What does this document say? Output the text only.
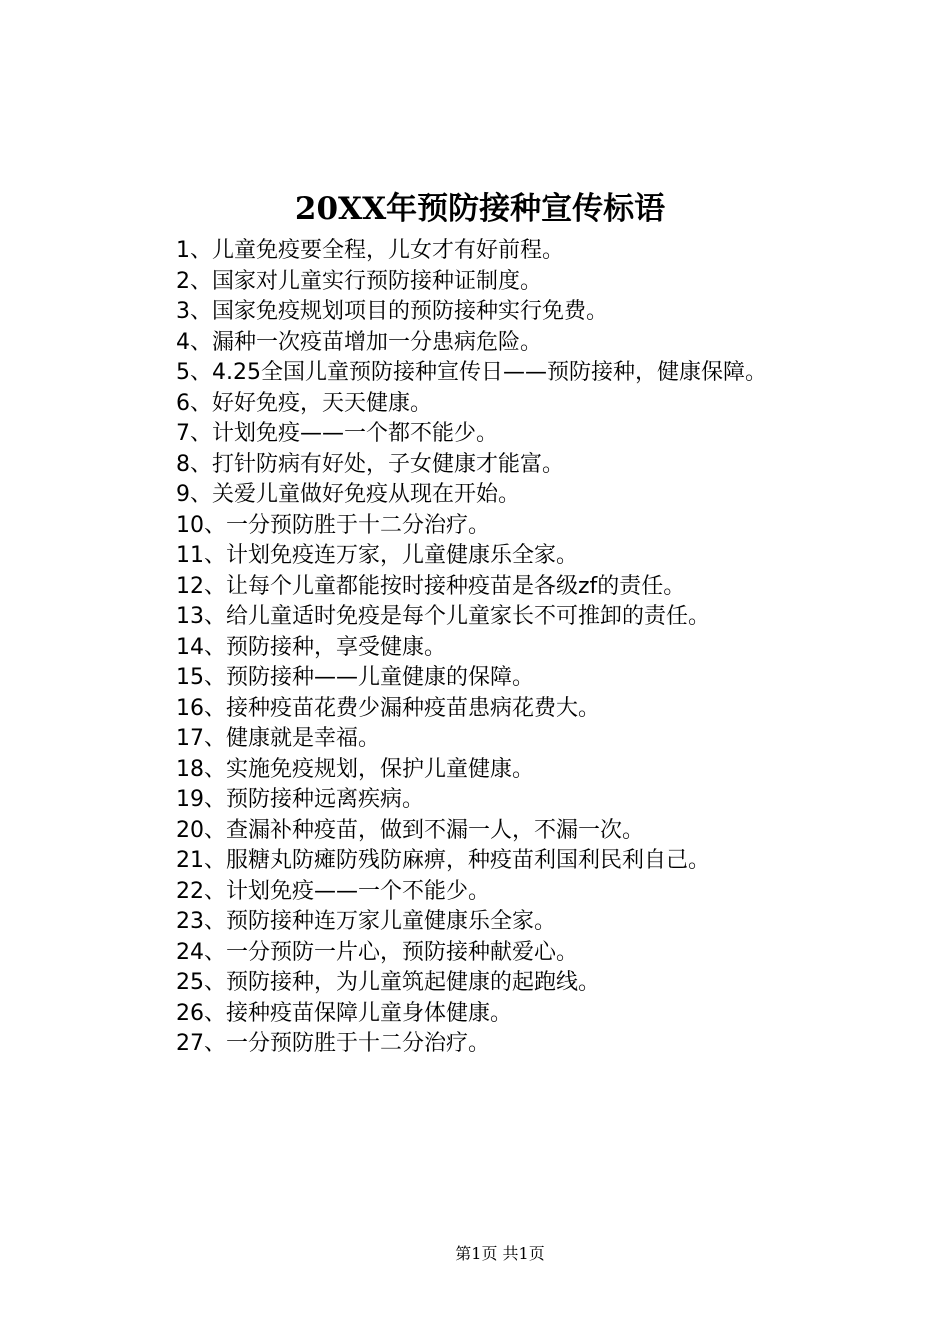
20XX年预防接种宣传标语
1、儿童免疫要全程，儿女才有好前程。
2、国家对儿童实行预防接种证制度。
3、国家免疫规划项目的预防接种实行免费。
4、漏种一次疫苗增加一分患病危险。
5、4.25全国儿童预防接种宣传日——预防接种，健康保障。
6、好好免疫，天天健康。
7、计划免疫——一个都不能少。
8、打针防病有好处，子女健康才能富。
9、关爱儿童做好免疫从现在开始。
10、一分预防胜于十二分治疗。
11、计划免疫连万家，儿童健康乐全家。
12、让每个儿童都能按时接种疫苗是各级zf的责任。
13、给儿童适时免疫是每个儿童家长不可推卸的责任。
14、预防接种，享受健康。
15、预防接种——儿童健康的保障。
16、接种疫苗花费少漏种疫苗患病花费大。
17、健康就是幸福。
18、实施免疫规划，保护儿童健康。
19、预防接种远离疾病。
20、查漏补种疫苗，做到不漏一人，不漏一次。
21、服糖丸防瘫防残防麻痹，种疫苗利国利民利自己。
22、计划免疫——一个不能少。
23、预防接种连万家儿童健康乐全家。
24、一分预防一片心，预防接种献爱心。
25、预防接种，为儿童筑起健康的起跑线。
26、接种疫苗保障儿童身体健康。
27、一分预防胜于十二分治疗。
第1页 共1页
